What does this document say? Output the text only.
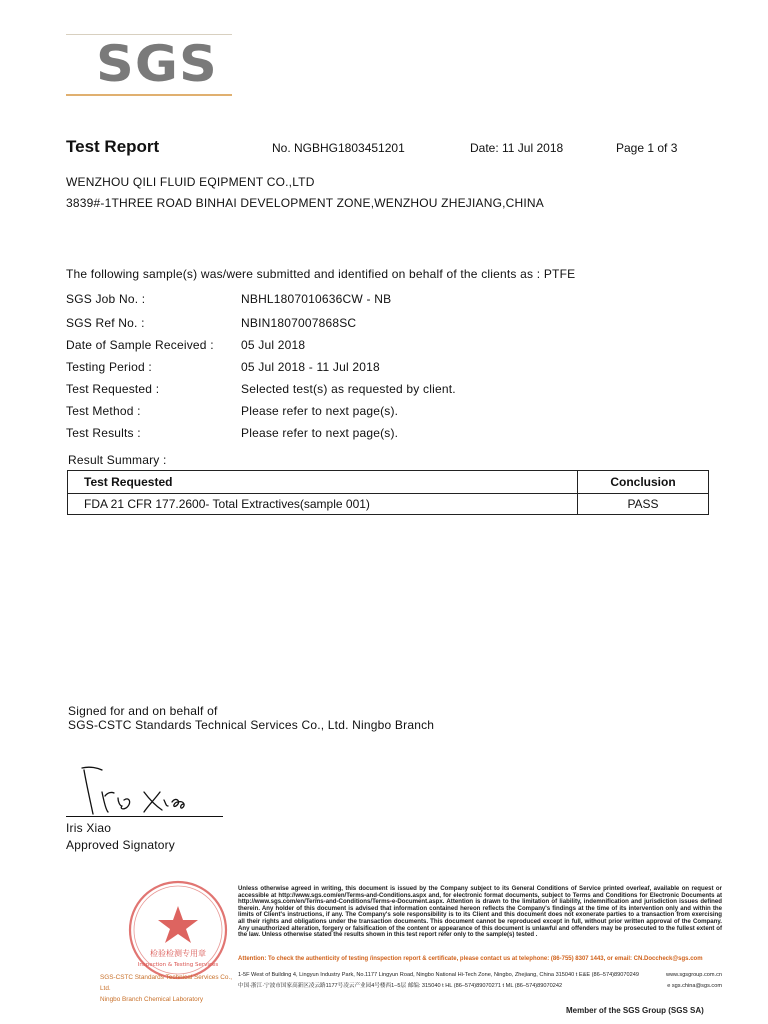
SGS
Test Report	No. NGBHG1803451201	Date: 11 Jul 2018	Page 1 of 3
WENZHOU QILI FLUID EQIPMENT CO.,LTD
3839#-1THREE ROAD BINHAI DEVELOPMENT ZONE,WENZHOU ZHEJIANG,CHINA
The following sample(s) was/were submitted and identified on behalf of the clients as : PTFE
SGS Job No. :	NBHL1807010636CW - NB
SGS Ref No. :	NBIN1807007868SC
Date of Sample Received : 05 Jul 2018
Testing Period :	05 Jul 2018 - 11 Jul 2018
Test Requested :	Selected test(s) as requested by client.
Test Method :	Please refer to next page(s).
Test Results :	Please refer to next page(s).
Result Summary :
Test Requested	Conclusion
FDA 21 CFR 177.2600- Total Extractives(sample 001)	PASS
Signed for and on behalf of
SGS-CSTC Standards Technical Services Co., Ltd. Ningbo Branch
Iris Xiao
Approved Signatory
检验检测专用章
Inspection & Testing Services
Unless otherwise agreed in writing, this document is issued by the Company subject to its General Conditions of Service printed overleaf, available on request or accessible at http://www.sgs.com/en/Terms-and-Conditions.aspx and, for electronic format documents, subject to Terms and Conditions for Electronic Documents at http://www.sgs.com/en/Terms-and-Conditions/Terms-e-Document.aspx. Attention is drawn to the limitation of liability, indemnification and jurisdiction issues defined therein. Any holder of this document is advised that information contained hereon reflects the Company's findings at the time of its intervention only and within the limits of Client's instructions, if any. The Company's sole responsibility is to its Client and this document does not exonerate parties to a transaction from exercising all their rights and obligations under the transaction documents. This document cannot be reproduced except in full, without prior written approval of the Company. Any unauthorized alteration, forgery or falsification of the content or appearance of this document is unlawful and offenders may be prosecuted to the fullest extent of the law. Unless otherwise stated the results shown in this test report refer only to the sample(s) tested .
Attention: To check the authenticity of testing /inspection report & certificate, please contact us at telephone: (86-755) 8307 1443, or email: CN.Doccheck@sgs.com
1-5F West of Building 4, Lingyun Industry Park, No.1177 Lingyun Road, Ningbo National Hi-Tech Zone, Ningbo, Zhejiang, China 315040 t E&E (86–574)89070249	www.sgsgroup.com.cn
中国·浙江·宁波市国家高新区凌云路1177号凌云产业园4号楼西1–5层 邮编: 315040 t HL (86–574)89070271 t ML (86–574)89070242	e sgs.china@sgs.com
SGS-CSTC Standards Technical Services Co., Ltd.
Ningbo Branch Chemical Laboratory
Member of the SGS Group (SGS SA)
